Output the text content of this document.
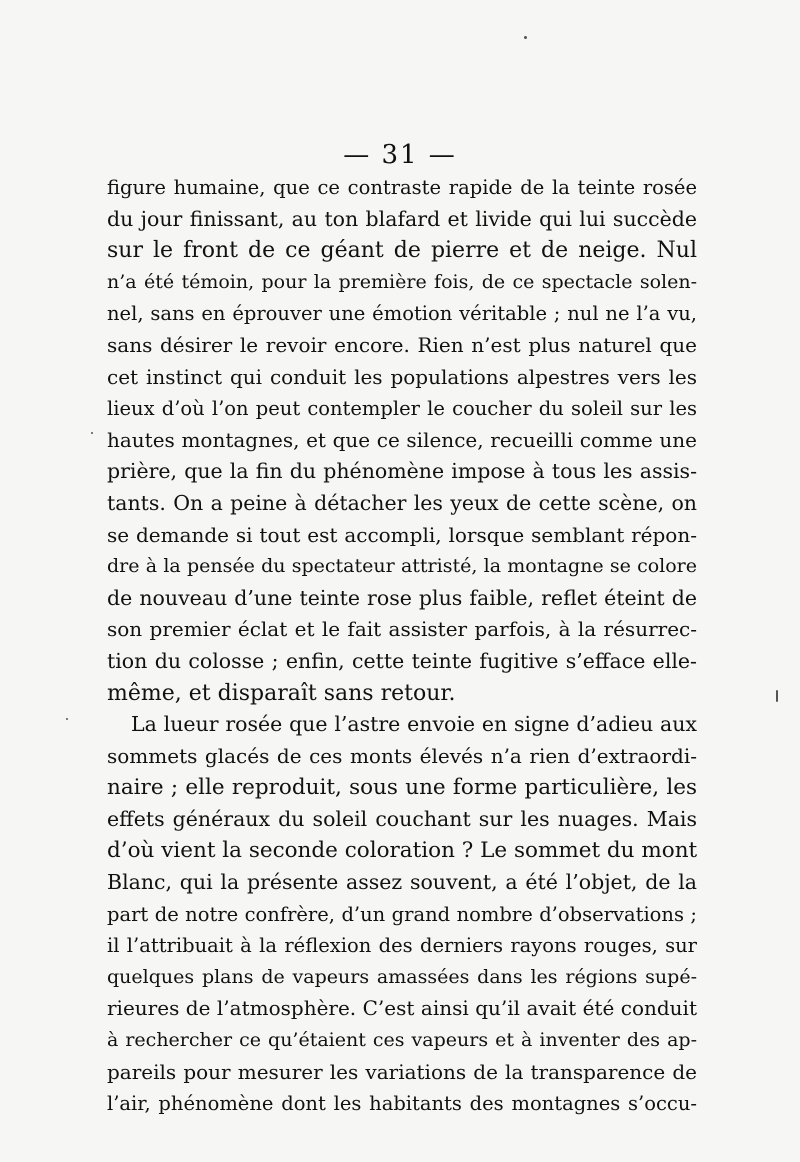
— 31 —
figure humaine, que ce contraste rapide de la teinte rosée
du jour finissant, au ton blafard et livide qui lui succède
sur le front de ce géant de pierre et de neige. Nul
n’a été témoin, pour la première fois, de ce spectacle solen-
nel, sans en éprouver une émotion véritable ; nul ne l’a vu,
sans désirer le revoir encore. Rien n’est plus naturel que
cet instinct qui conduit les populations alpestres vers les
lieux d’où l’on peut contempler le coucher du soleil sur les
hautes montagnes, et que ce silence, recueilli comme une
prière, que la fin du phénomène impose à tous les assis-
tants. On a peine à détacher les yeux de cette scène, on
se demande si tout est accompli, lorsque semblant répon-
dre à la pensée du spectateur attristé, la montagne se colore
de nouveau d’une teinte rose plus faible, reflet éteint de
son premier éclat et le fait assister parfois, à la résurrec-
tion du colosse ; enfin, cette teinte fugitive s’efface elle-
même, et disparaît sans retour.
La lueur rosée que l’astre envoie en signe d’adieu aux
sommets glacés de ces monts élevés n’a rien d’extraordi-
naire ; elle reproduit, sous une forme particulière, les
effets généraux du soleil couchant sur les nuages. Mais
d’où vient la seconde coloration ? Le sommet du mont
Blanc, qui la présente assez souvent, a été l’objet, de la
part de notre confrère, d’un grand nombre d’observations ;
il l’attribuait à la réflexion des derniers rayons rouges, sur
quelques plans de vapeurs amassées dans les régions supé-
rieures de l’atmosphère. C’est ainsi qu’il avait été conduit
à rechercher ce qu’étaient ces vapeurs et à inventer des ap-
pareils pour mesurer les variations de la transparence de
l’air, phénomène dont les habitants des montagnes s’occu-
